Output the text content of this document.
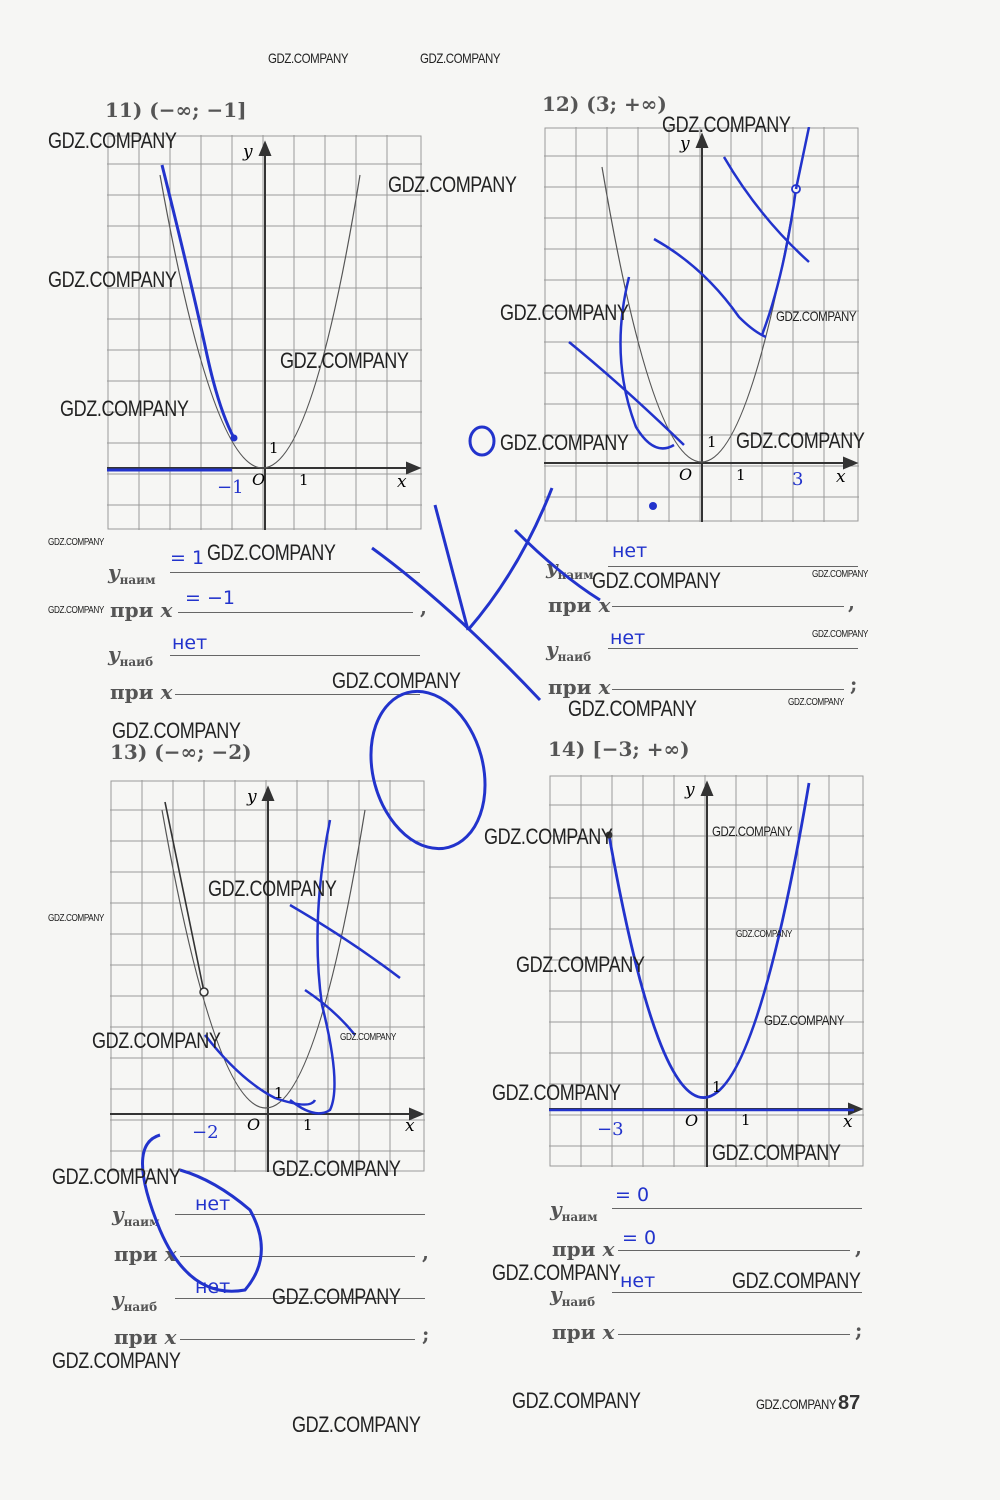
11) (−∞; −1]	12) (3; +∞)
13) (−∞; −2)	14) [−3; +∞)
O 1
1
x
y
−1
O	1
1
x
y
3
O	1
1
x
y
−2
O	1
1
x
y
−3
$y_{наим}$
= 1
при x = −1	,
$y_{наиб}$
нет
при x
$y_{наим}$
нет
при x	,
$y_{наиб}$
нет
при x	;
$y_{наим}$
нет
при x	,
$y_{наиб}$
нет
при x	;
$y_{наим}$
= 0
при x = 0	,
$y_{наиб}$
нет
при x	;
GDZ.COMPANY	GDZ.COMPANY
GDZ.COMPANY
GDZ.COMPANY
GDZ.COMPANY
GDZ.COMPANY
GDZ.COMPANY	GDZ.COMPANY
GDZ.COMPANY
GDZ.COMPANY
GDZ.COMPANY	GDZ.COMPANY
GDZ.COMPANY	GDZ.COMPANY
GDZ.COMPANY	GDZ.COMPANY
GDZ.COMPANY
GDZ.COMPANY
GDZ.COMPANY
GDZ.COMPANY	GDZ.COMPANY
GDZ.COMPANY
GDZ.COMPANY	GDZ.COMPANY
GDZ.COMPANY
GDZ.COMPANY
GDZ.COMPANY
GDZ.COMPANY
GDZ.COMPANY
GDZ.COMPANY
GDZ.COMPANY
GDZ.COMPANY
GDZ.COMPANY
GDZ.COMPANY
GDZ.COMPANY
GDZ.COMPANY	GDZ.COMPANY
GDZ.COMPANY
GDZ.COMPANY
GDZ.COMPANY	GDZ.COMPANY
GDZ.COMPANY
87
